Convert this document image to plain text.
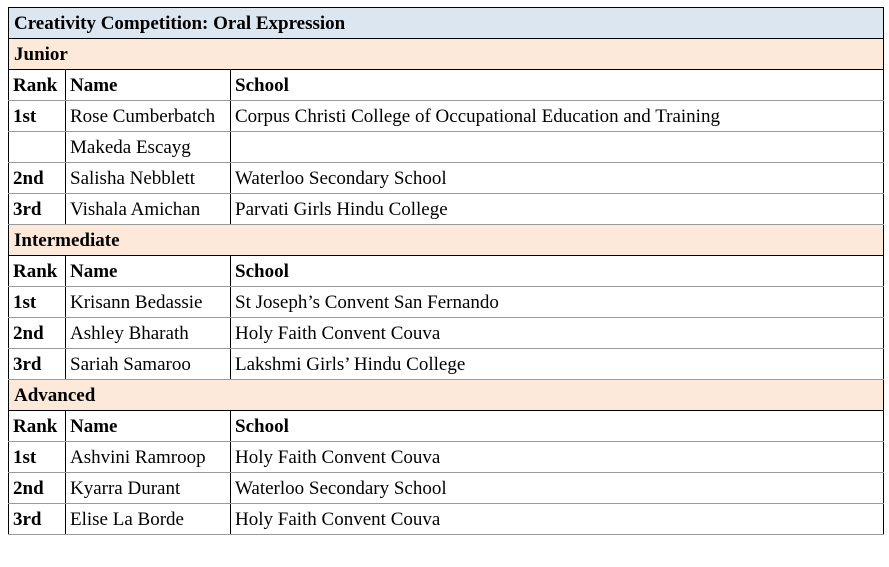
Creativity Competition: Oral Expression		
Junior		
Rank	Name	School
1st	Rose Cumberbatch	Corpus Christi College of Occupational Education and Training
	Makeda Escayg	
2nd	Salisha Nebblett	Waterloo Secondary School
3rd	Vishala Amichan	Parvati Girls Hindu College
Intermediate		
Rank	Name	School
1st	Krisann Bedassie	St Joseph’s Convent San Fernando
2nd	Ashley Bharath	Holy Faith Convent Couva
3rd	Sariah Samaroo	Lakshmi Girls’ Hindu College
Advanced		
Rank	Name	School
1st	Ashvini Ramroop	Holy Faith Convent Couva
2nd	Kyarra Durant	Waterloo Secondary School
3rd	Elise La Borde	Holy Faith Convent Couva
